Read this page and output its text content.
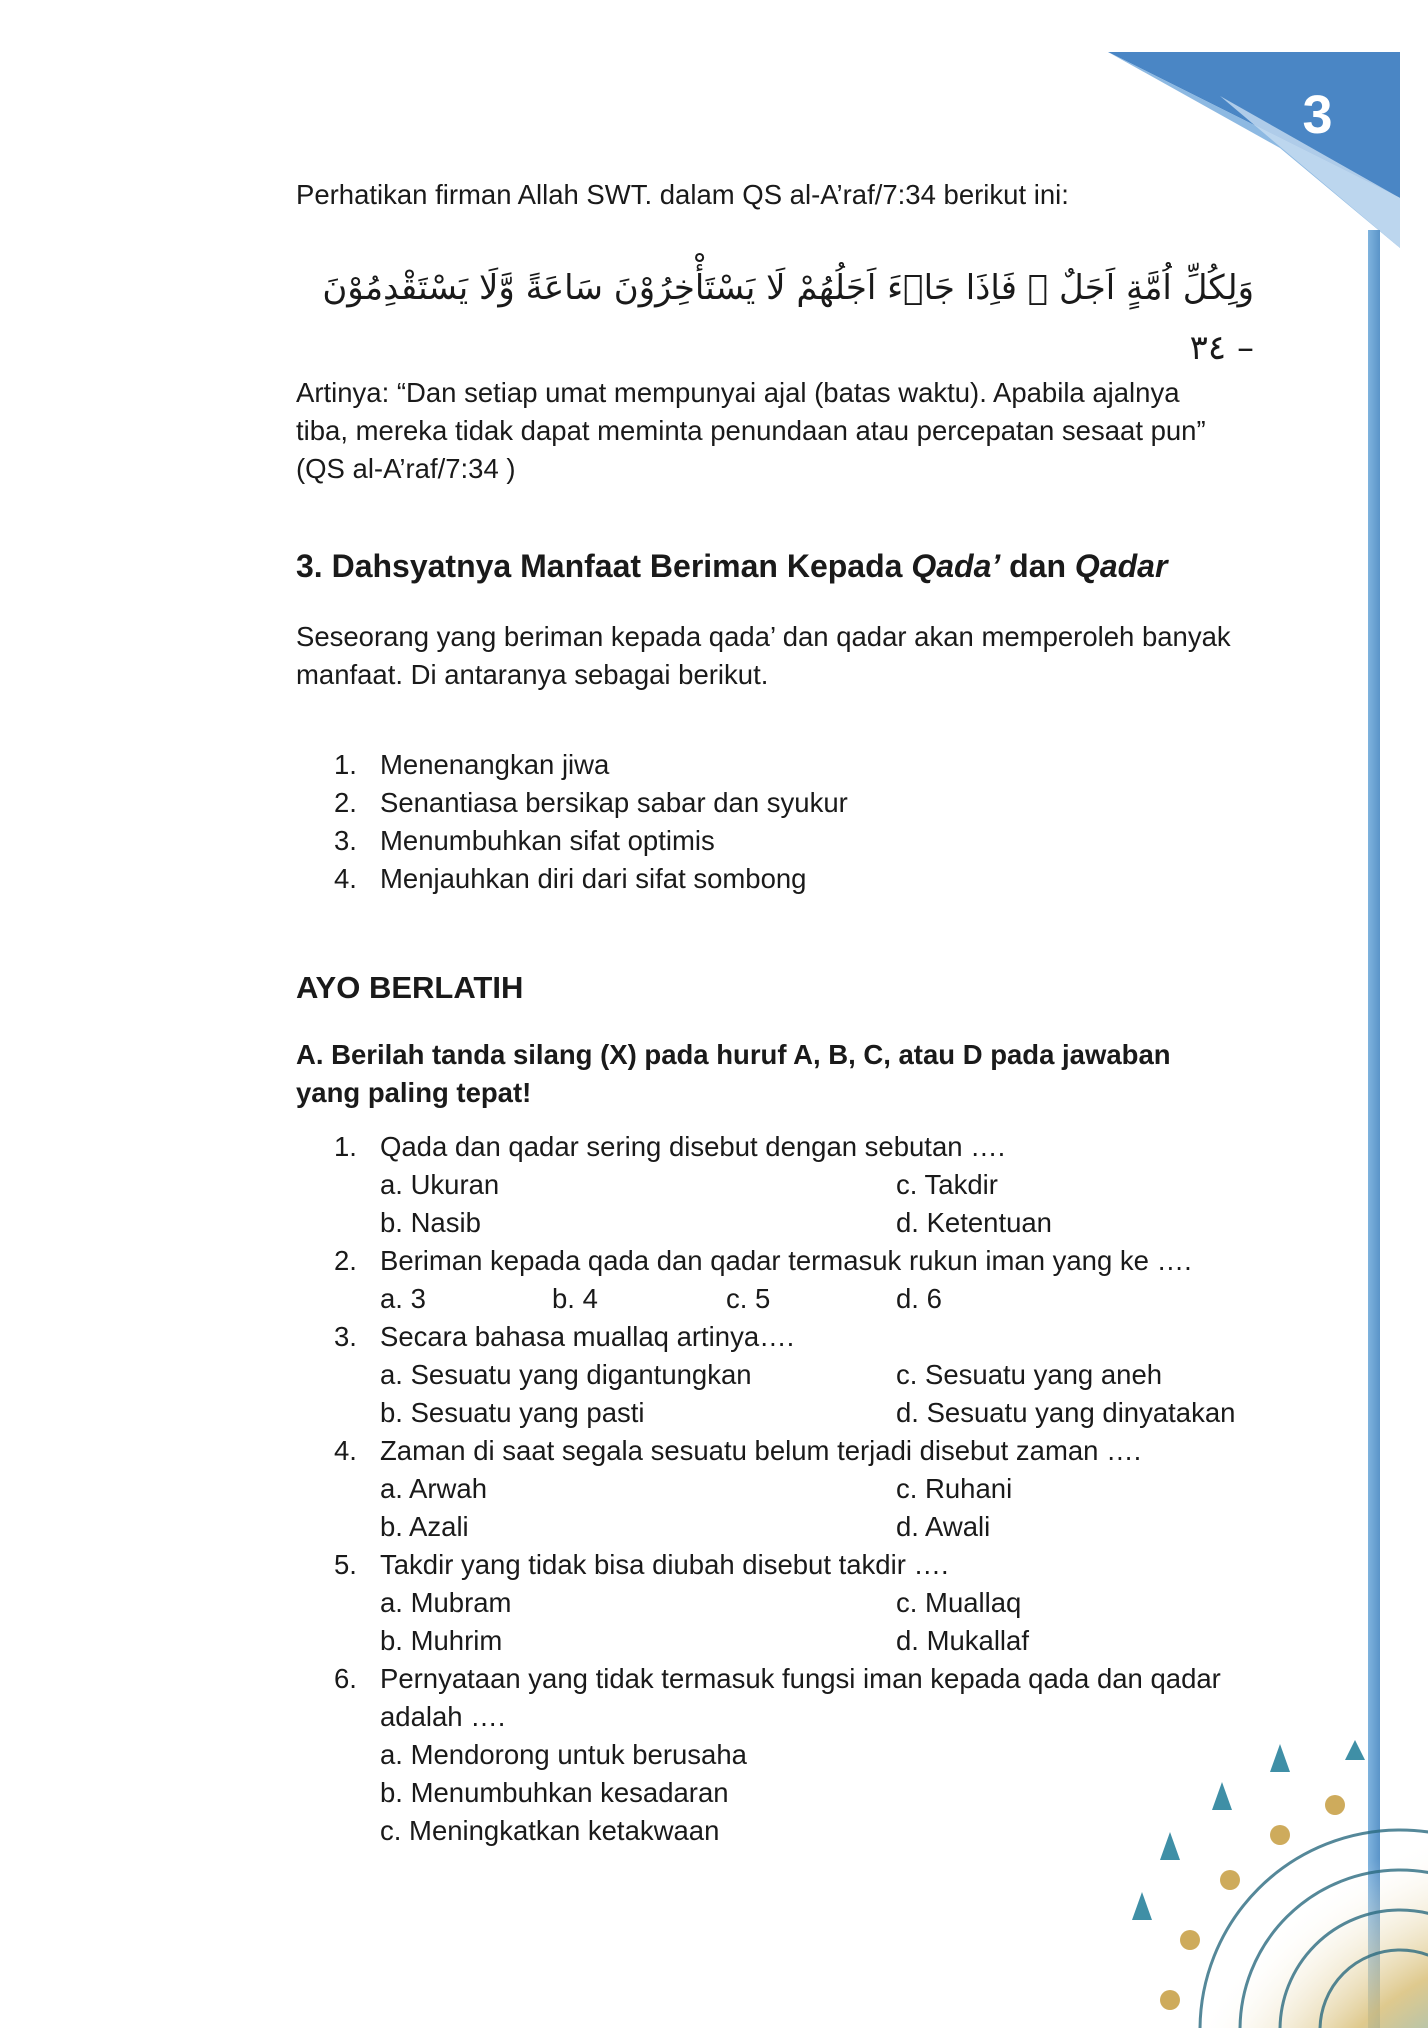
3
Perhatikan firman Allah SWT. dalam QS al-A’raf/7:34 berikut ini:
وَلِكُلِّ اُمَّةٍ اَجَلٌ ۚ فَاِذَا جَاۤءَ اَجَلُهُمْ لَا يَسْتَأْخِرُوْنَ سَاعَةً وَّلَا يَسْتَقْدِمُوْنَ – ٣٤
Artinya: “Dan setiap umat mempunyai ajal (batas waktu). Apabila ajalnya
tiba, mereka tidak dapat meminta penundaan atau percepatan sesaat pun”
(QS al-A’raf/7:34 )
3. Dahsyatnya Manfaat Beriman Kepada Qada’ dan Qadar
Seseorang yang beriman kepada qada’ dan qadar akan memperoleh banyak
manfaat. Di antaranya sebagai berikut.
1. Menenangkan jiwa
2. Senantiasa bersikap sabar dan syukur
3. Menumbuhkan sifat optimis
4. Menjauhkan diri dari sifat sombong
AYO BERLATIH
A. Berilah tanda silang (X) pada huruf A, B, C, atau D pada jawaban
yang paling tepat!
1. Qada dan qadar sering disebut dengan sebutan ….
a. Ukuran	c. Takdir
b. Nasib	d. Ketentuan
2. Beriman kepada qada dan qadar termasuk rukun iman yang ke ….
a. 3	b. 4	c. 5	d. 6
3. Secara bahasa muallaq artinya….
a. Sesuatu yang digantungkan	c. Sesuatu yang aneh
b. Sesuatu yang pasti	d. Sesuatu yang dinyatakan
4. Zaman di saat segala sesuatu belum terjadi disebut zaman ….
a. Arwah	c. Ruhani
b. Azali	d. Awali
5. Takdir yang tidak bisa diubah disebut takdir ….
a. Mubram	c. Muallaq
b. Muhrim	d. Mukallaf
6. Pernyataan yang tidak termasuk fungsi iman kepada qada dan qadar
adalah ….
a. Mendorong untuk berusaha
b. Menumbuhkan kesadaran
c. Meningkatkan ketakwaan
